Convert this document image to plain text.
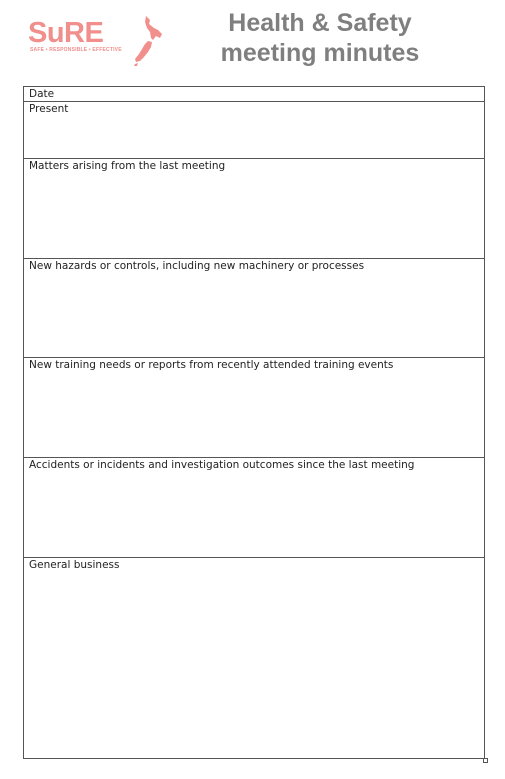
SuRE
SAFE • RESPONSIBLE • EFFECTIVE
Health & Safety
meeting minutes
Date
Present
Matters arising from the last meeting
New hazards or controls, including new machinery or processes
New training needs or reports from recently attended training events
Accidents or incidents and investigation outcomes since the last meeting
General business
